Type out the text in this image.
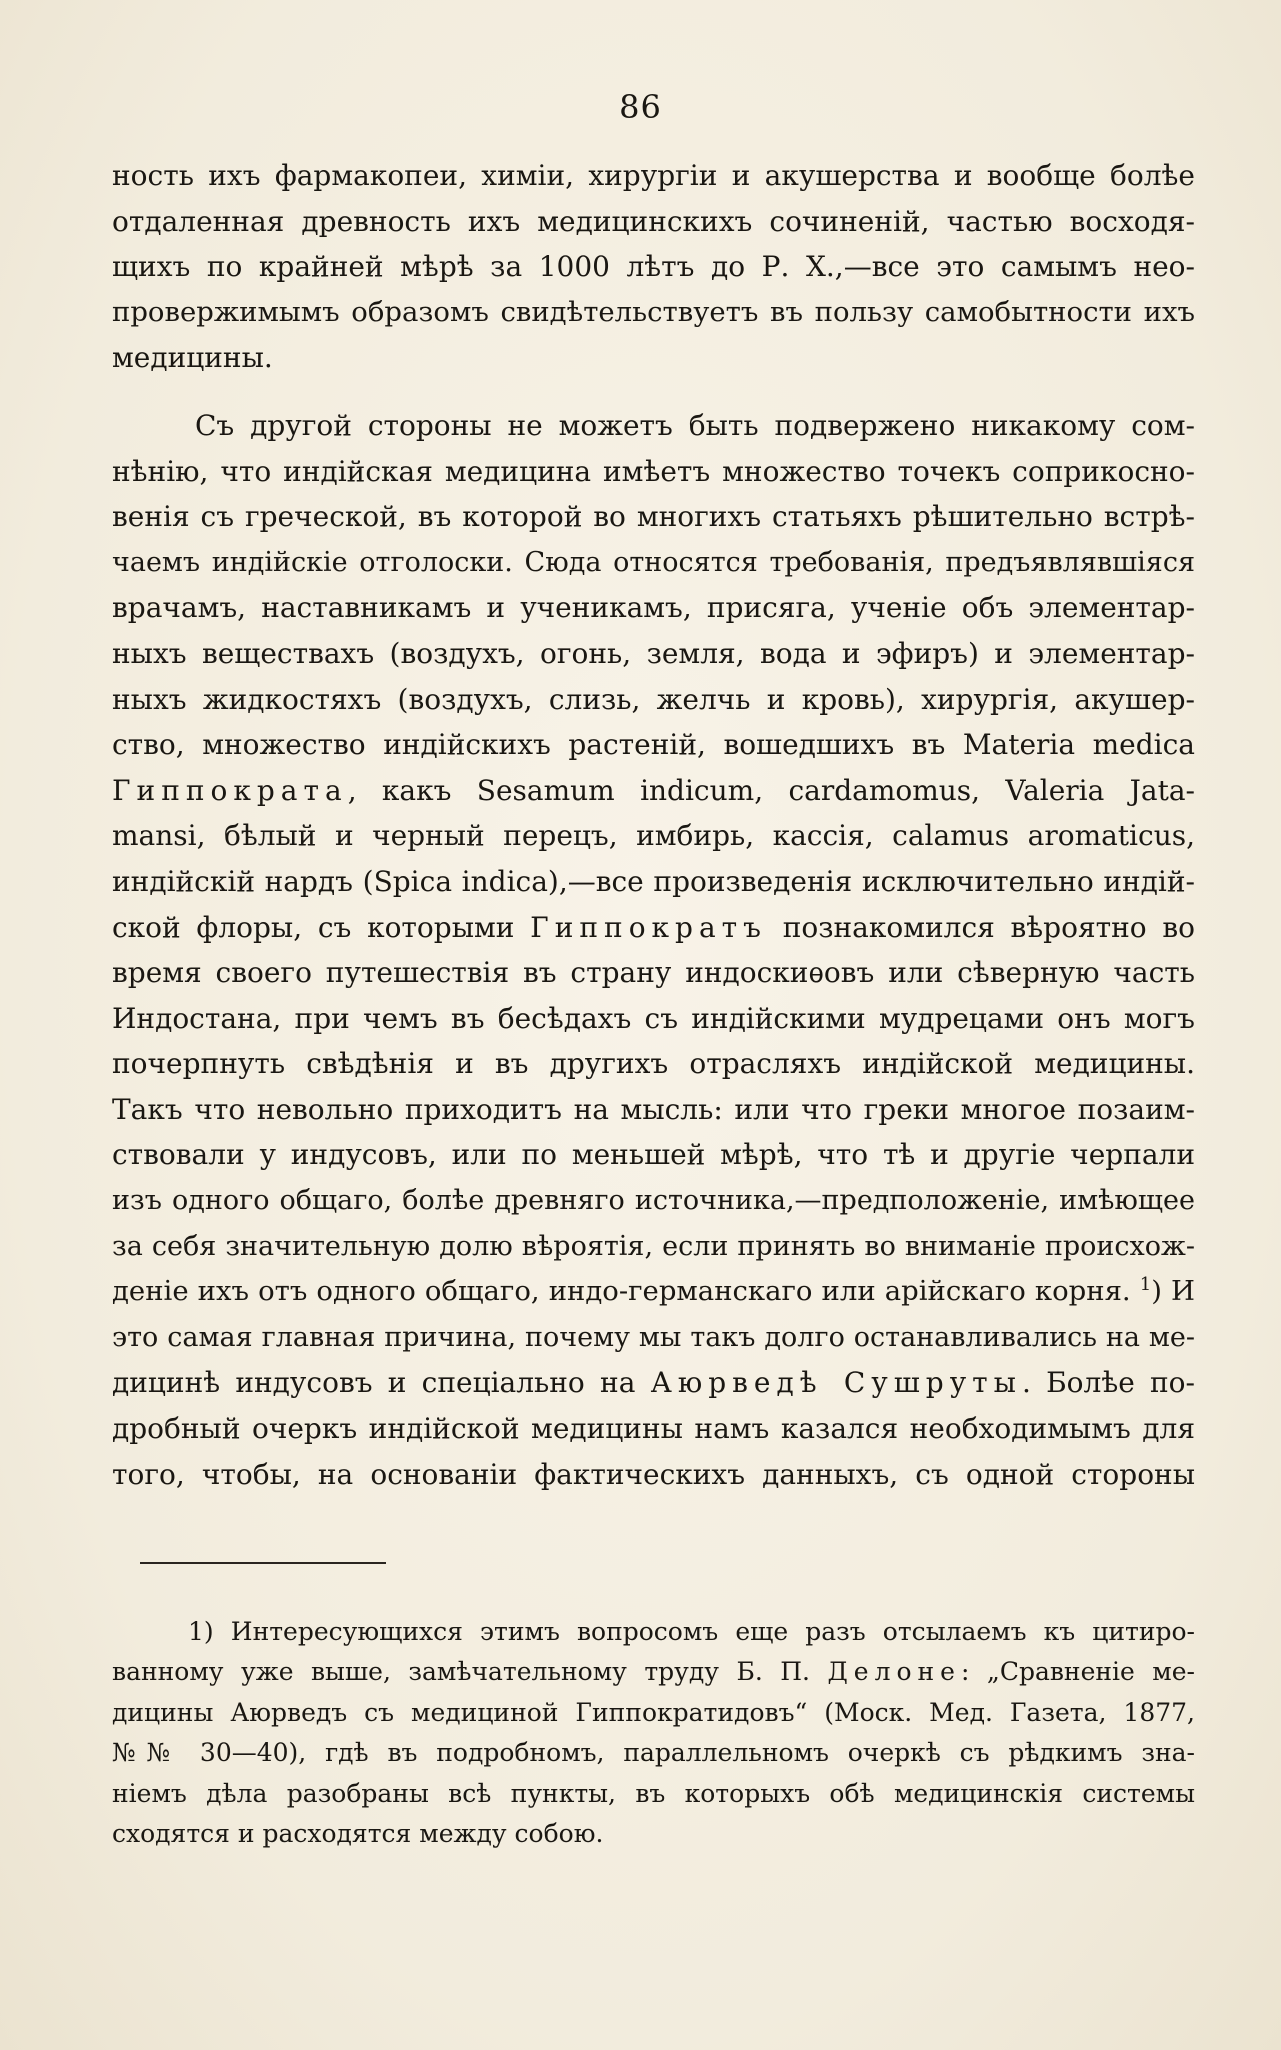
86
ность ихъ фармакопеи, химіи, хирургіи и акушерства и вообще болѣе
отдаленная древность ихъ медицинскихъ сочиненій, частью восходя-
щихъ по крайней мѣрѣ за 1000 лѣтъ до Р. Х.,—все это самымъ нео-
провержимымъ образомъ свидѣтельствуетъ въ пользу самобытности ихъ
медицины.
Съ другой стороны не можетъ быть подвержено никакому сом-
нѣнію, что индійская медицина имѣетъ множество точекъ соприкосно-
венія съ греческой, въ которой во многихъ статьяхъ рѣшительно встрѣ-
чаемъ индійскіе отголоски. Сюда относятся требованія, предъявлявшіяся
врачамъ, наставникамъ и ученикамъ, присяга, ученіе объ элементар-
ныхъ веществахъ (воздухъ, огонь, земля, вода и эфиръ) и элементар-
ныхъ жидкостяхъ (воздухъ, слизь, желчь и кровь), хирургія, акушер-
ство, множество индійскихъ растеній, вошедшихъ въ Materia medica
Гиппократа, какъ Sesamum indicum, cardamomus, Valeria Jata-
mansi, бѣлый и черный перецъ, имбирь, кассія, calamus aromaticus,
индійскій нардъ (Spica indica),—все произведенія исключительно индій-
ской флоры, съ которыми Гиппократъ познакомился вѣроятно во
время своего путешествія въ страну индоскиѳовъ или сѣверную часть
Индостана, при чемъ въ бесѣдахъ съ индійскими мудрецами онъ могъ
почерпнуть свѣдѣнія и въ другихъ отрасляхъ индійской медицины.
Такъ что невольно приходитъ на мысль: или что греки многое позаим-
ствовали у индусовъ, или по меньшей мѣрѣ, что тѣ и другіе черпали
изъ одного общаго, болѣе древняго источника,—предположеніе, имѣющее
за себя значительную долю вѣроятія, если принять во вниманіе происхож-
деніе ихъ отъ одного общаго, индо-германскаго или арійскаго корня. $^1$) И
это самая главная причина, почему мы такъ долго останавливались на ме-
дицинѣ индусовъ и спеціально на Аюрведѣ Сушруты. Болѣе по-
дробный очеркъ индійской медицины намъ казался необходимымъ для
того, чтобы, на основаніи фактическихъ данныхъ, съ одной стороны
1) Интересующихся этимъ вопросомъ еще разъ отсылаемъ къ цитиро-
ванному уже выше, замѣчательному труду Б. П. Делоне: „Сравненіе ме-
дицины Аюрведъ съ медициной Гиппократидовъ“ (Моск. Мед. Газета, 1877,
№№ 30—40), гдѣ въ подробномъ, параллельномъ очеркѣ съ рѣдкимъ зна-
ніемъ дѣла разобраны всѣ пункты, въ которыхъ обѣ медицинскія системы
сходятся и расходятся между собою.
